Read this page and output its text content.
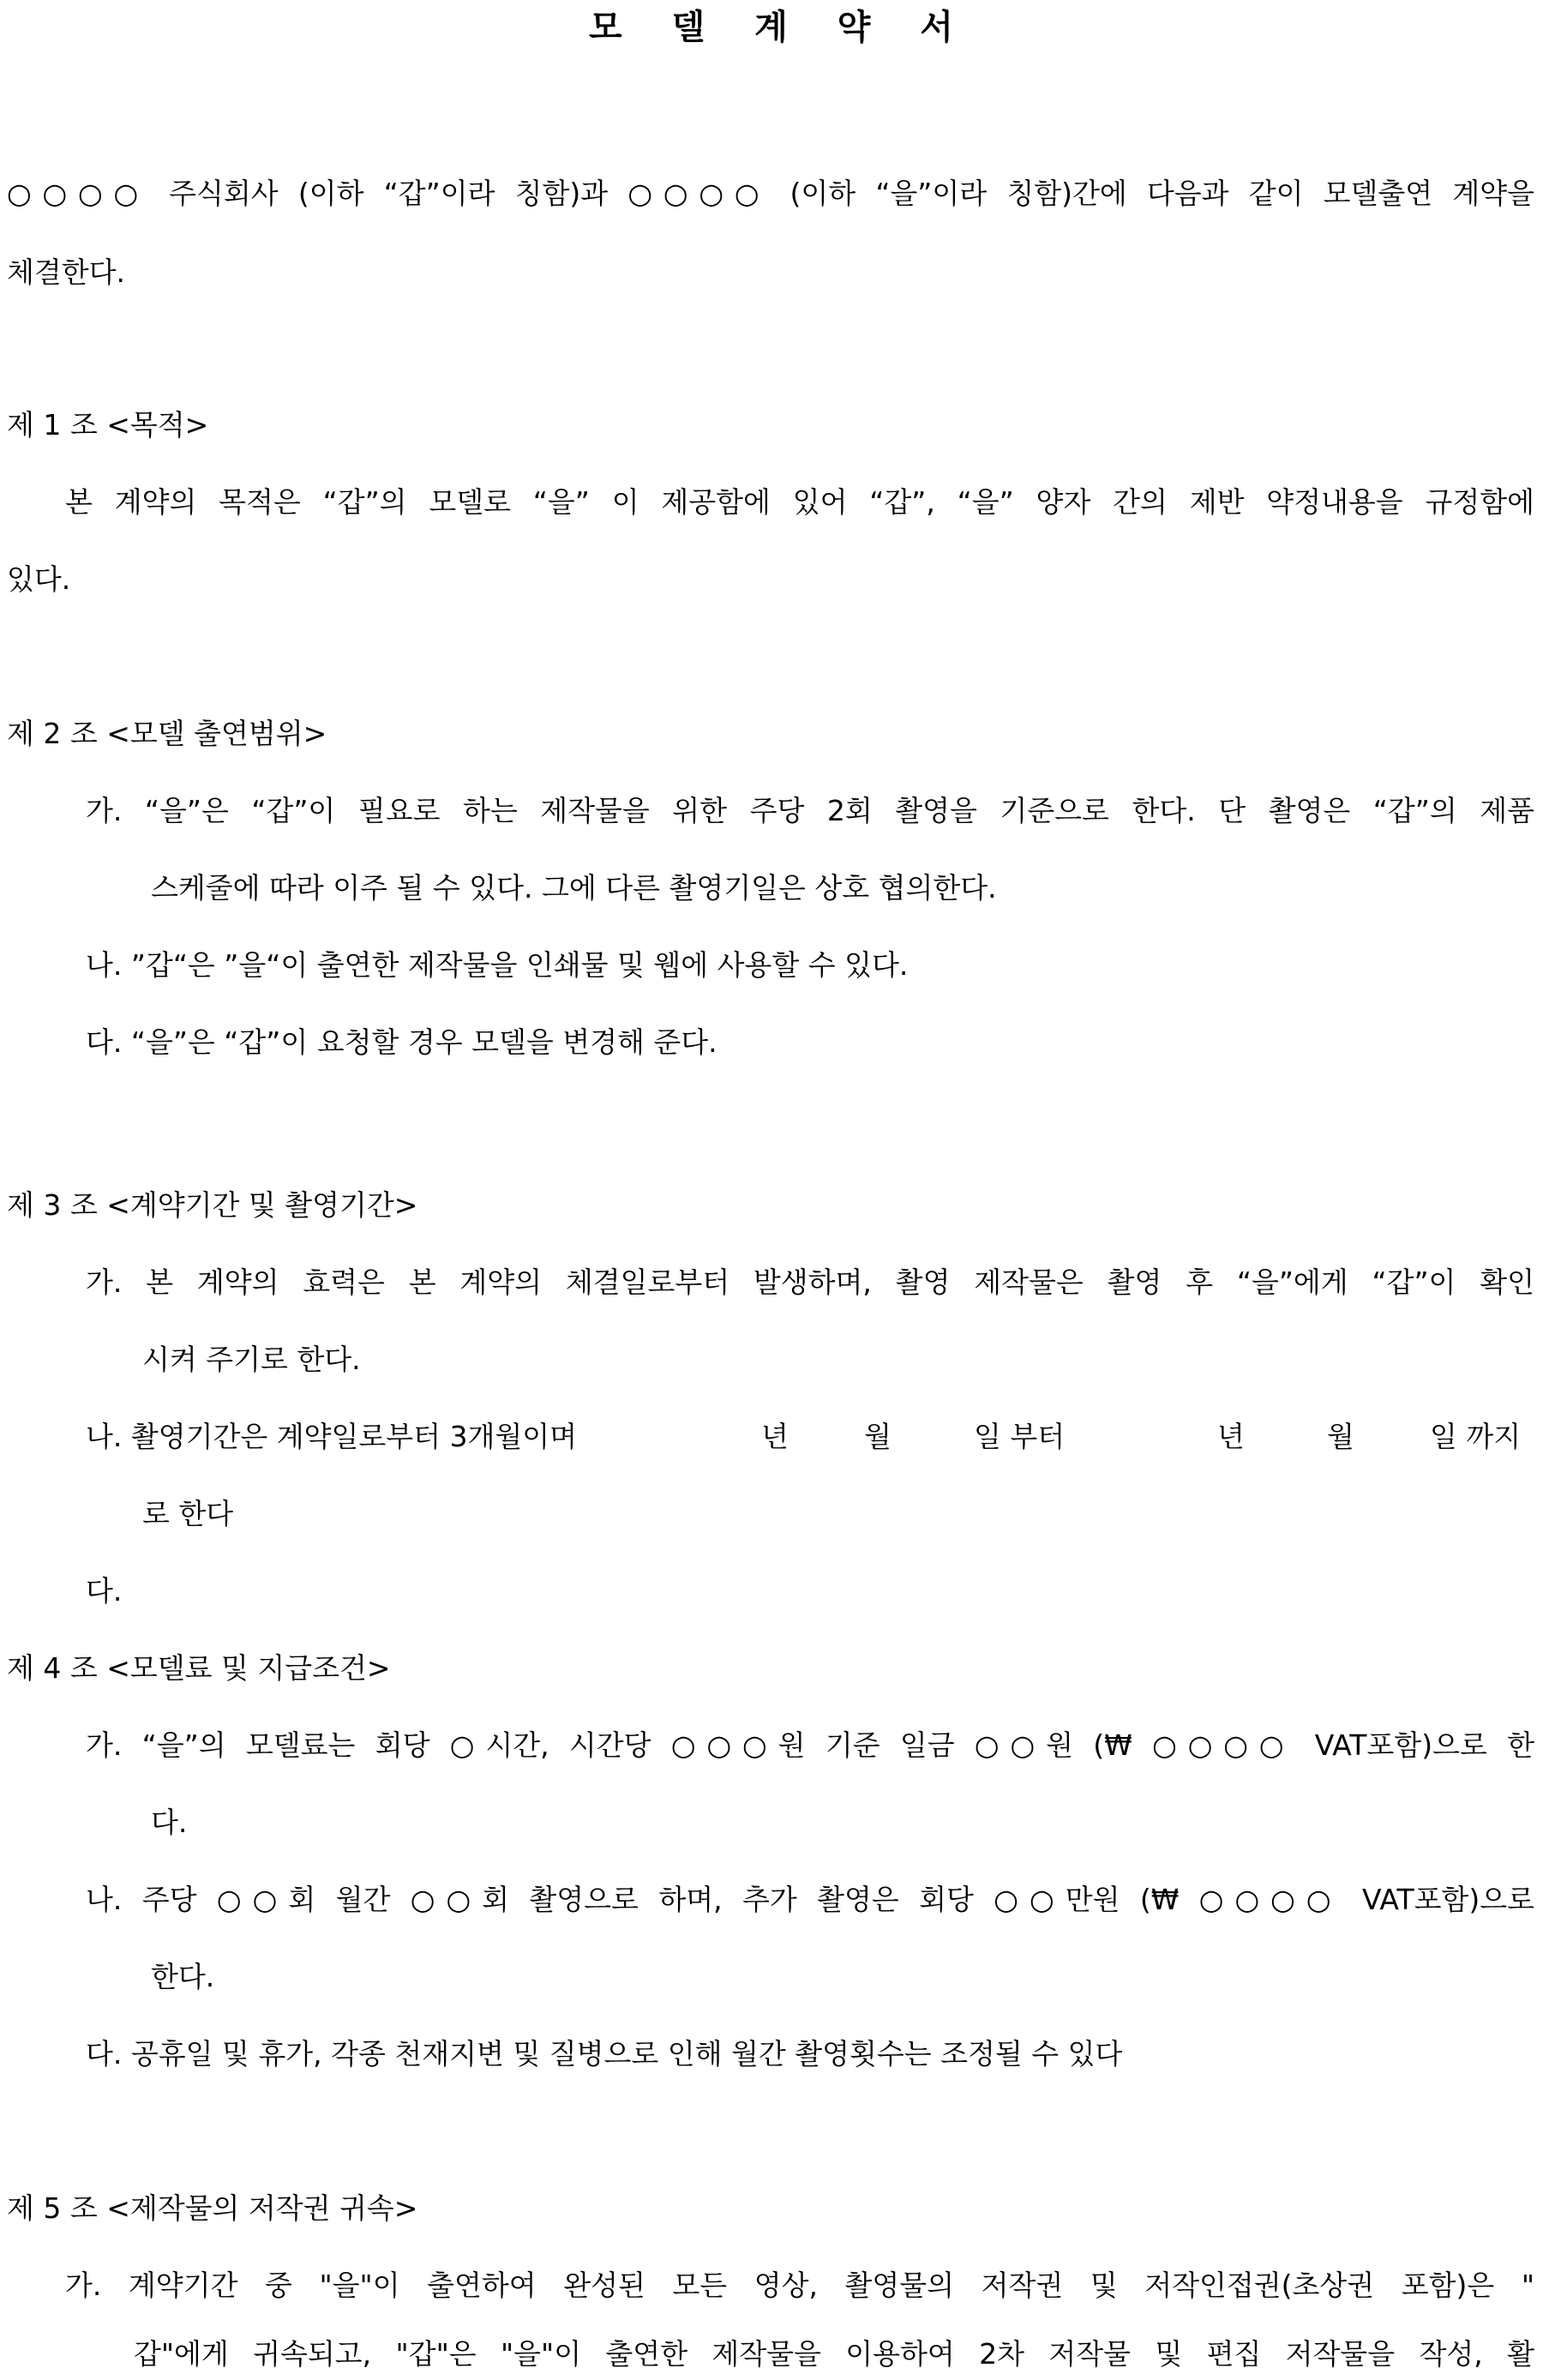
모 델 계 약 서
○○○○ 주식회사 (이하 “갑”이라 칭함)과 ○○○○ (이하 “을”이라 칭함)간에 다음과 같이 모델출연 계약을
체결한다.
제 1 조 <목적>
본 계약의 목적은 “갑”의 모델로 “을” 이 제공함에 있어 “갑”, “을” 양자 간의 제반 약정내용을 규정함에
있다.
제 2 조 <모델 출연범위>
가. “을”은 “갑”이 필요로 하는 제작물을 위한 주당 2회 촬영을 기준으로 한다. 단 촬영은 “갑”의 제품
스케줄에 따라 이주 될 수 있다. 그에 다른 촬영기일은 상호 협의한다.
나. ”갑“은 ”을“이 출연한 제작물을 인쇄물 및 웹에 사용할 수 있다.
다. “을”은 “갑”이 요청할 경우 모델을 변경해 준다.
제 3 조 <계약기간 및 촬영기간>
가. 본 계약의 효력은 본 계약의 체결일로부터 발생하며, 촬영 제작물은 촬영 후 “을”에게 “갑”이 확인
시켜 주기로 한다.
나. 촬영기간은 계약일로부터 3개월이며	년	월	일 부터	년	월	일 까지
로 한다
다.
제 4 조 <모델료 및 지급조건>
가. “을”의 모델료는 회당 ○시간, 시간당 ○○○원 기준 일금 ○○원 (₩ ○○○○ VAT포함)으로 한
다.
나. 주당 ○○회 월간 ○○회 촬영으로 하며, 추가 촬영은 회당 ○○만원 (₩ ○○○○ VAT포함)으로
한다.
다. 공휴일 및 휴가, 각종 천재지변 및 질병으로 인해 월간 촬영횟수는 조정될 수 있다
제 5 조 <제작물의 저작권 귀속>
가. 계약기간 중 "을"이 출연하여 완성된 모든 영상, 촬영물의 저작권 및 저작인접권(초상권 포함)은 "
갑"에게 귀속되고, "갑"은 "을"이 출연한 제작물을 이용하여 2차 저작물 및 편집 저작물을 작성, 활
